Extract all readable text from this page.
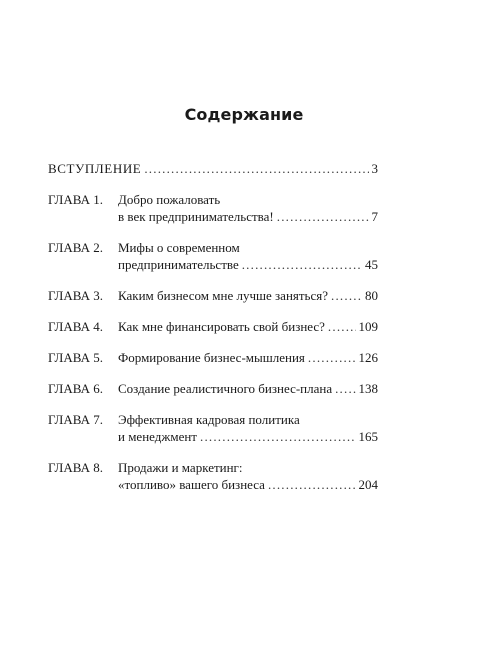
Содержание
ВСТУПЛЕНИЕ .....	3
ГЛАВА 1.	Добро пожаловать
в век предпринимательства! .....	7
ГЛАВА 2.	Мифы о современном
предпринимательстве .....	45
ГЛАВА 3.	Каким бизнесом мне лучше заняться? .....	80
ГЛАВА 4.	Как мне финансировать свой бизнес? .....	109
ГЛАВА 5.	Формирование бизнес-мышления .....	126
ГЛАВА 6.	Создание реалистичного бизнес-плана ..... 138
ГЛАВА 7.	Эффективная кадровая политика
и менеджмент .....	165
ГЛАВА 8.	Продажи и маркетинг:
«топливо» вашего бизнеса .....	204
